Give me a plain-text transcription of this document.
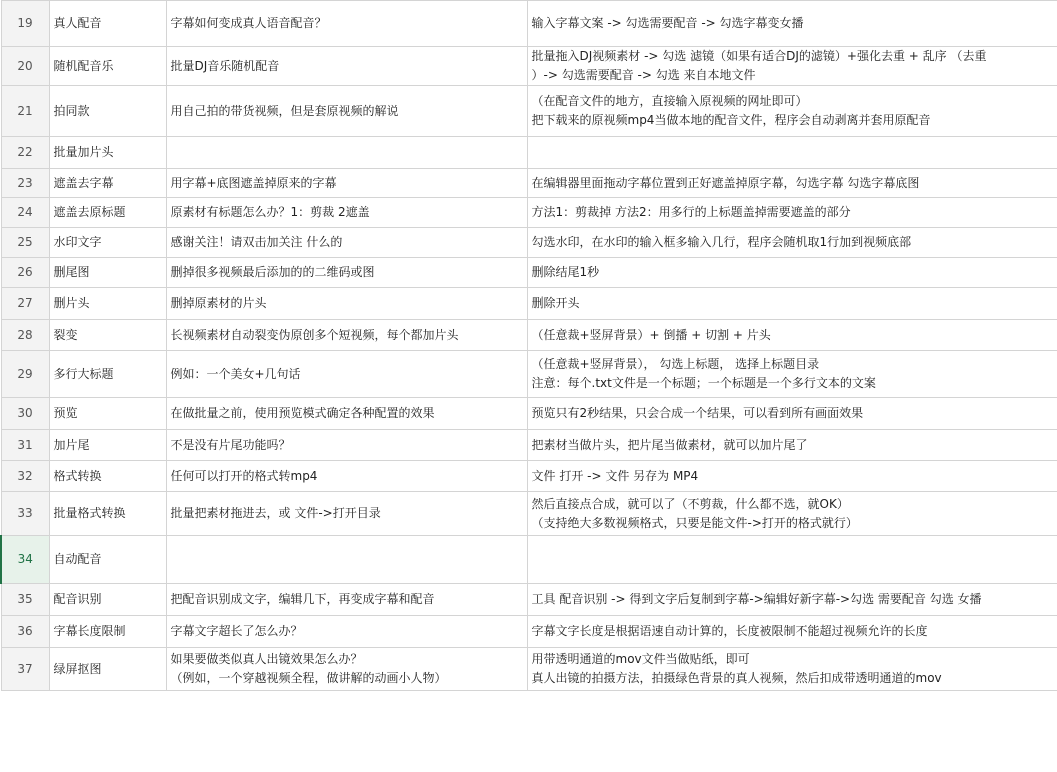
19	真人配音	字幕如何变成真人语音配音？	输入字幕文案 -> 勾选需要配音 -> 勾选字幕变女播

20	随机配音乐	批量DJ音乐随机配音	批量拖入DJ视频素材 -> 勾选 滤镜（如果有适合DJ的滤镜）+强化去重 + 乱序 （去重
）-> 勾选需要配音 -> 勾选 来自本地文件

21	拍同款	用自己拍的带货视频，但是套原视频的解说	（在配音文件的地方，直接输入原视频的网址即可）
把下载来的原视频mp4当做本地的配音文件，程序会自动剥离并套用原配音

22	批量加片头		
23	遮盖去字幕	用字幕+底图遮盖掉原来的字幕	在编辑器里面拖动字幕位置到正好遮盖掉原字幕，勾选字幕 勾选字幕底图

24	遮盖去原标题	原素材有标题怎么办？1：剪裁 2遮盖	方法1：剪裁掉 方法2：用多行的上标题盖掉需要遮盖的部分

25	水印文字	感谢关注！请双击加关注 什么的	勾选水印，在水印的输入框多输入几行，程序会随机取1行加到视频底部

26	删尾图	删掉很多视频最后添加的的二维码或图	删除结尾1秒

27	删片头	删掉原素材的片头	删除开头

28	裂变	长视频素材自动裂变伪原创多个短视频，每个都加片头	（任意裁+竖屏背景）+ 倒播 + 切割 + 片头

29	多行大标题	例如：一个美女+几句话	（任意裁+竖屏背景）， 勾选上标题， 选择上标题目录
注意：每个.txt文件是一个标题；一个标题是一个多行文本的文案

30	预览	在做批量之前，使用预览模式确定各种配置的效果	预览只有2秒结果，只会合成一个结果，可以看到所有画面效果

31	加片尾	不是没有片尾功能吗？	把素材当做片头，把片尾当做素材，就可以加片尾了

32	格式转换	任何可以打开的格式转mp4	文件 打开 -> 文件 另存为 MP4

33	批量格式转换	批量把素材拖进去，或 文件->打开目录	然后直接点合成，就可以了（不剪裁，什么都不选，就OK）
（支持绝大多数视频格式，只要是能文件->打开的格式就行）

34	自动配音		
35	配音识别	把配音识别成文字，编辑几下，再变成字幕和配音	工具 配音识别 -> 得到文字后复制到字幕->编辑好新字幕->勾选 需要配音 勾选 女播

36	字幕长度限制	字幕文字超长了怎么办？	字幕文字长度是根据语速自动计算的，长度被限制不能超过视频允许的长度

37	绿屏抠图	如果要做类似真人出镜效果怎么办？
（例如，一个穿越视频全程，做讲解的动画小人物）	用带透明通道的mov文件当做贴纸，即可
真人出镜的拍摄方法，拍摄绿色背景的真人视频，然后扣成带透明通道的mov
